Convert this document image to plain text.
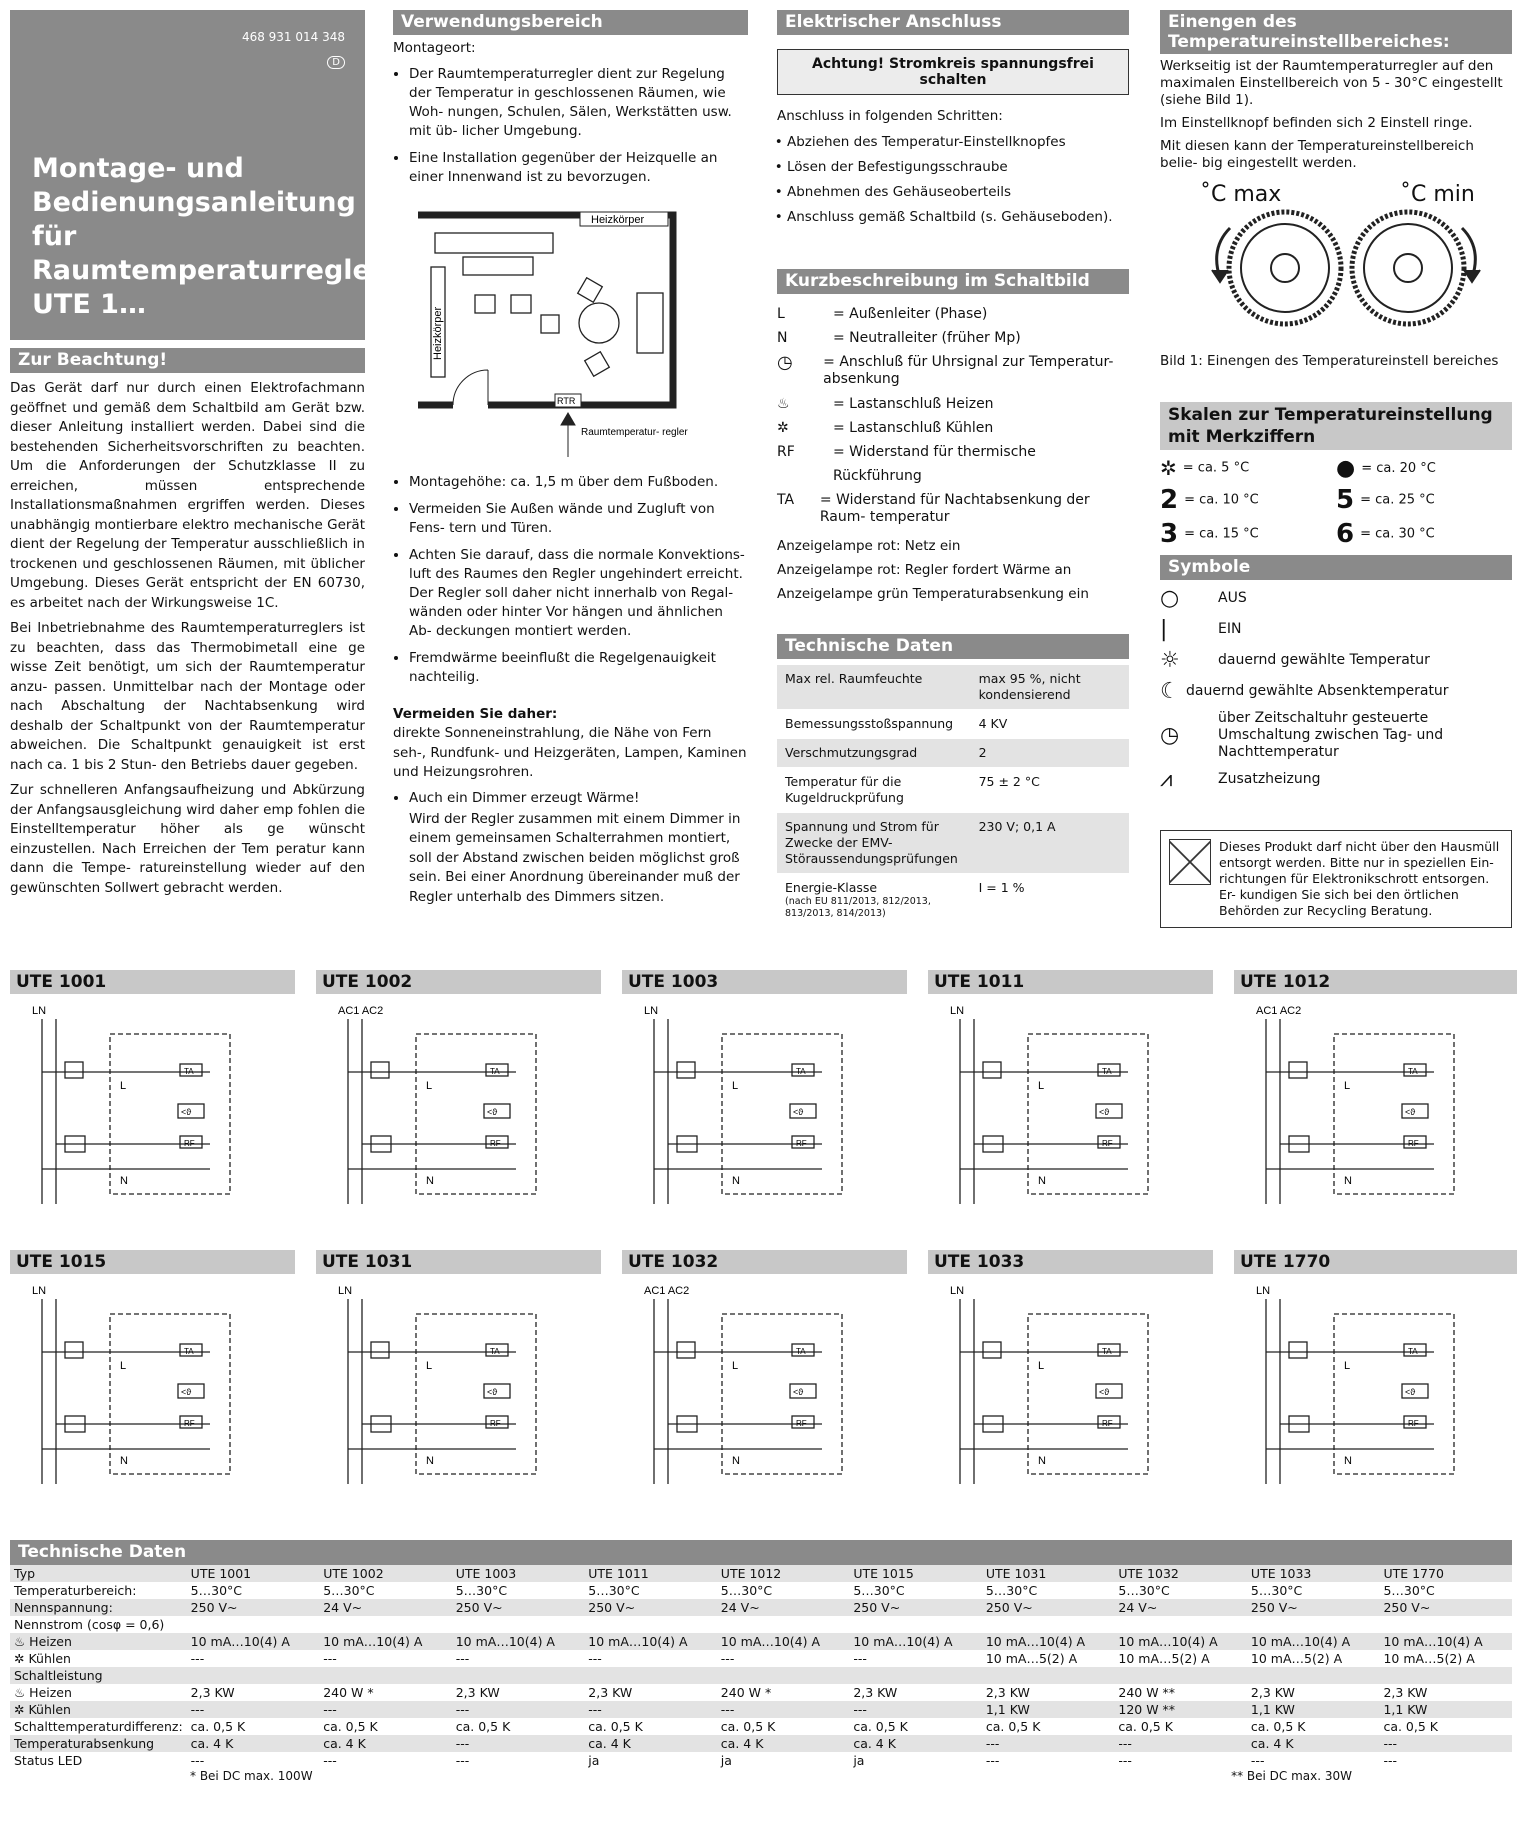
468 931 014 348
D
Montage- und Bedienungsanleitung für Raumtemperaturregler UTE 1…
Zur Beachtung!

Das Gerät darf nur durch einen Elektrofachmann geöffnet und gemäß dem Schaltbild am Gerät bzw. dieser Anleitung installiert werden. Dabei sind die bestehenden Sicherheitsvorschriften zu beachten. Um die Anforderungen der Schutzklasse II zu erreichen, müssen entsprechende Installationsmaßnahmen ergriffen werden. Dieses unabhängig montierbare elektro mechanische Gerät dient der Regelung der Temperatur ausschließlich in trockenen und geschlossenen Räumen, mit üblicher Umgebung. Dieses Gerät entspricht der EN 60730, es arbeitet nach der Wirkungsweise 1C.

Bei Inbetriebnahme des Raumtemperaturreglers ist zu beachten, dass das Thermobimetall eine ge wisse Zeit benötigt, um sich der Raumtemperatur anzu- passen. Unmittelbar nach der Montage oder nach Abschaltung der Nachtabsenkung wird deshalb der Schaltpunkt von der Raumtemperatur abweichen. Die Schaltpunkt genauigkeit ist erst nach ca. 1 bis 2 Stun- den Betriebs dauer gegeben.

Zur schnelleren Anfangsaufheizung und Abkürzung der Anfangsausgleichung wird daher emp fohlen die Einstelltemperatur höher als ge wünscht einzustellen. Nach Erreichen der Tem peratur kann dann die Tempe- ratureinstellung wieder auf den gewünschten Sollwert gebracht werden.

Verwendungsbereich

Montageort:

• Der Raumtemperaturregler dient zur Regelung der Temperatur in geschlossenen Räumen, wie Woh- nungen, Schulen, Sälen, Werkstätten usw. mit üb- licher Umgebung.
• Eine Installation gegenüber der Heizquelle an einer Innenwand ist zu bevorzugen.
Heizkörper
Heizkörper
RTR
Raumtemperatur- regler
• Montagehöhe: ca. 1,5 m über dem Fußboden.
• Vermeiden Sie Außen wände und Zugluft von Fens- tern und Türen.
• Achten Sie darauf, dass die normale Konvektions- luft des Raumes den Regler ungehindert erreicht. Der Regler soll daher nicht innerhalb von Regal- wänden oder hinter Vor hängen und ähnlichen Ab- deckungen montiert werden.
• Fremdwärme beeinflußt die Regelgenauigkeit nachteilig.

Vermeiden Sie daher:

direkte Sonneneinstrahlung, die Nähe von Fern seh-, Rundfunk- und Heizgeräten, Lampen, Kaminen und Heizungsrohren.

• Auch ein Dimmer erzeugt Wärme!

Wird der Regler zusammen mit einem Dimmer in einem gemeinsamen Schalterrahmen montiert, soll der Abstand zwischen beiden möglichst groß sein. Bei einer Anordnung übereinander muß der Regler unterhalb des Dimmers sitzen.

Elektrischer Anschluss
Achtung! Stromkreis spannungsfrei schalten

Anschluss in folgenden Schritten:

• Abziehen des Temperatur-Einstellknopfes
• Lösen der Befestigungsschraube
• Abnehmen des Gehäuseoberteils
• Anschluss gemäß Schaltbild (s. Gehäuseboden).
Kurzbeschreibung im Schaltbild
L	= Außenleiter (Phase)
N	= Neutralleiter (früher Mp)
◷	= Anschluß für Uhrsignal zur Temperatur- absenkung
♨	= Lastanschluß Heizen
✲	= Lastanschluß Kühlen
RF	= Widerstand für thermische Rückführung
TA	= Widerstand für Nachtabsenkung der Raum- temperatur

Anzeigelampe rot: Netz ein

Anzeigelampe rot: Regler fordert Wärme an

Anzeigelampe grün Temperaturabsenkung ein

Technische Daten
Max rel. Raumfeuchte	max 95 %, nicht kondensierend
Bemessungsstoßspannung	4 KV
Verschmutzungsgrad	2
Temperatur für die Kugeldruckprüfung	75 ± 2 °C
Spannung und Strom für Zwecke der EMV- Störaussendungsprüfungen	230 V; 0,1 A

Energie-Klasse
(nach EU 811/2013, 812/2013, 813/2013, 814/2013)	I = 1 %
Einengen des Temperatureinstellbereiches:

Werkseitig ist der Raumtemperaturregler auf den maximalen Einstellbereich von 5 - 30°C eingestellt (siehe Bild 1).

Im Einstellknopf befinden sich 2 Einstell ringe.

Mit diesen kann der Temperatureinstellbereich belie- big eingestellt werden.

˚C max	˚C min

Bild 1: Einengen des Temperatureinstell bereiches

Skalen zur Temperatureinstellung mit Merkziffern
✲ = ca. 5 °C	● = ca. 20 °C
2 = ca. 10 °C	5 = ca. 25 °C
3 = ca. 15 °C	6 = ca. 30 °C
Symbole
○	AUS
|	EIN
☼	dauernd gewählte Temperatur
☾ dauernd gewählte Absenktemperatur
◷
über Zeitschaltuhr gesteuerte Umschaltung zwischen Tag- und Nachttemperatur
⩘	Zusatzheizung
Dieses Produkt darf nicht über den Hausmüll entsorgt werden. Bitte nur in speziellen Ein- richtungen für Elektronikschrott entsorgen. Er- kundigen Sie sich bei den örtlichen Behörden zur Recycling Beratung.
UTE 1001
LN
TA
<ϑ
RF
L
N
UTE 1002
AC1 AC2
TA
<ϑ
RF
L
N
UTE 1003
LN
TA
<ϑ
RF
L
N
UTE 1011
LN
TA
<ϑ
RF
L
N
UTE 1012
AC1 AC2
TA
<ϑ
RF
L
N
UTE 1015
LN
TA
<ϑ
RF
L
N
UTE 1031
LN
TA
<ϑ
RF
L
N
UTE 1032
AC1 AC2
TA
<ϑ
RF
L
N
UTE 1033
LN
TA
<ϑ
RF
L
N
UTE 1770
LN
TA
<ϑ
RF
L
N
Technische Daten
Typ	UTE 1001	UTE 1002	UTE 1003	UTE 1011	UTE 1012	UTE 1015	UTE 1031	UTE 1032	UTE 1033	UTE 1770
Temperaturbereich:	5…30°C	5…30°C	5…30°C	5…30°C	5…30°C	5…30°C	5…30°C	5…30°C	5…30°C	5…30°C
Nennspannung:	250 V~	24 V~	250 V~	250 V~	24 V~	250 V~	250 V~	24 V~	250 V~	250 V~
Nennstrom (cosφ = 0,6)										
♨ Heizen	10 mA…10(4) A	10 mA…10(4) A	10 mA…10(4) A	10 mA…10(4) A	10 mA…10(4) A	10 mA…10(4) A	10 mA…10(4) A	10 mA…10(4) A	10 mA…10(4) A	10 mA…10(4) A
✲ Kühlen	---	---	---	---	---	---	10 mA…5(2) A	10 mA…5(2) A	10 mA…5(2) A	10 mA…5(2) A
Schaltleistung										
♨ Heizen	2,3 KW	240 W *	2,3 KW	2,3 KW	240 W *	2,3 KW	2,3 KW	240 W **	2,3 KW	2,3 KW
✲ Kühlen	---	---	---	---	---	---	1,1 KW	120 W **	1,1 KW	1,1 KW
Schalttemperaturdifferenz:	ca. 0,5 K	ca. 0,5 K	ca. 0,5 K	ca. 0,5 K	ca. 0,5 K	ca. 0,5 K	ca. 0,5 K	ca. 0,5 K	ca. 0,5 K	ca. 0,5 K
Temperaturabsenkung	ca. 4 K	ca. 4 K	---	ca. 4 K	ca. 4 K	ca. 4 K	---	---	ca. 4 K	---
Status LED	---	---	---	ja	ja	ja	---	---	---	---
* Bei DC max. 100W	** Bei DC max. 30W
